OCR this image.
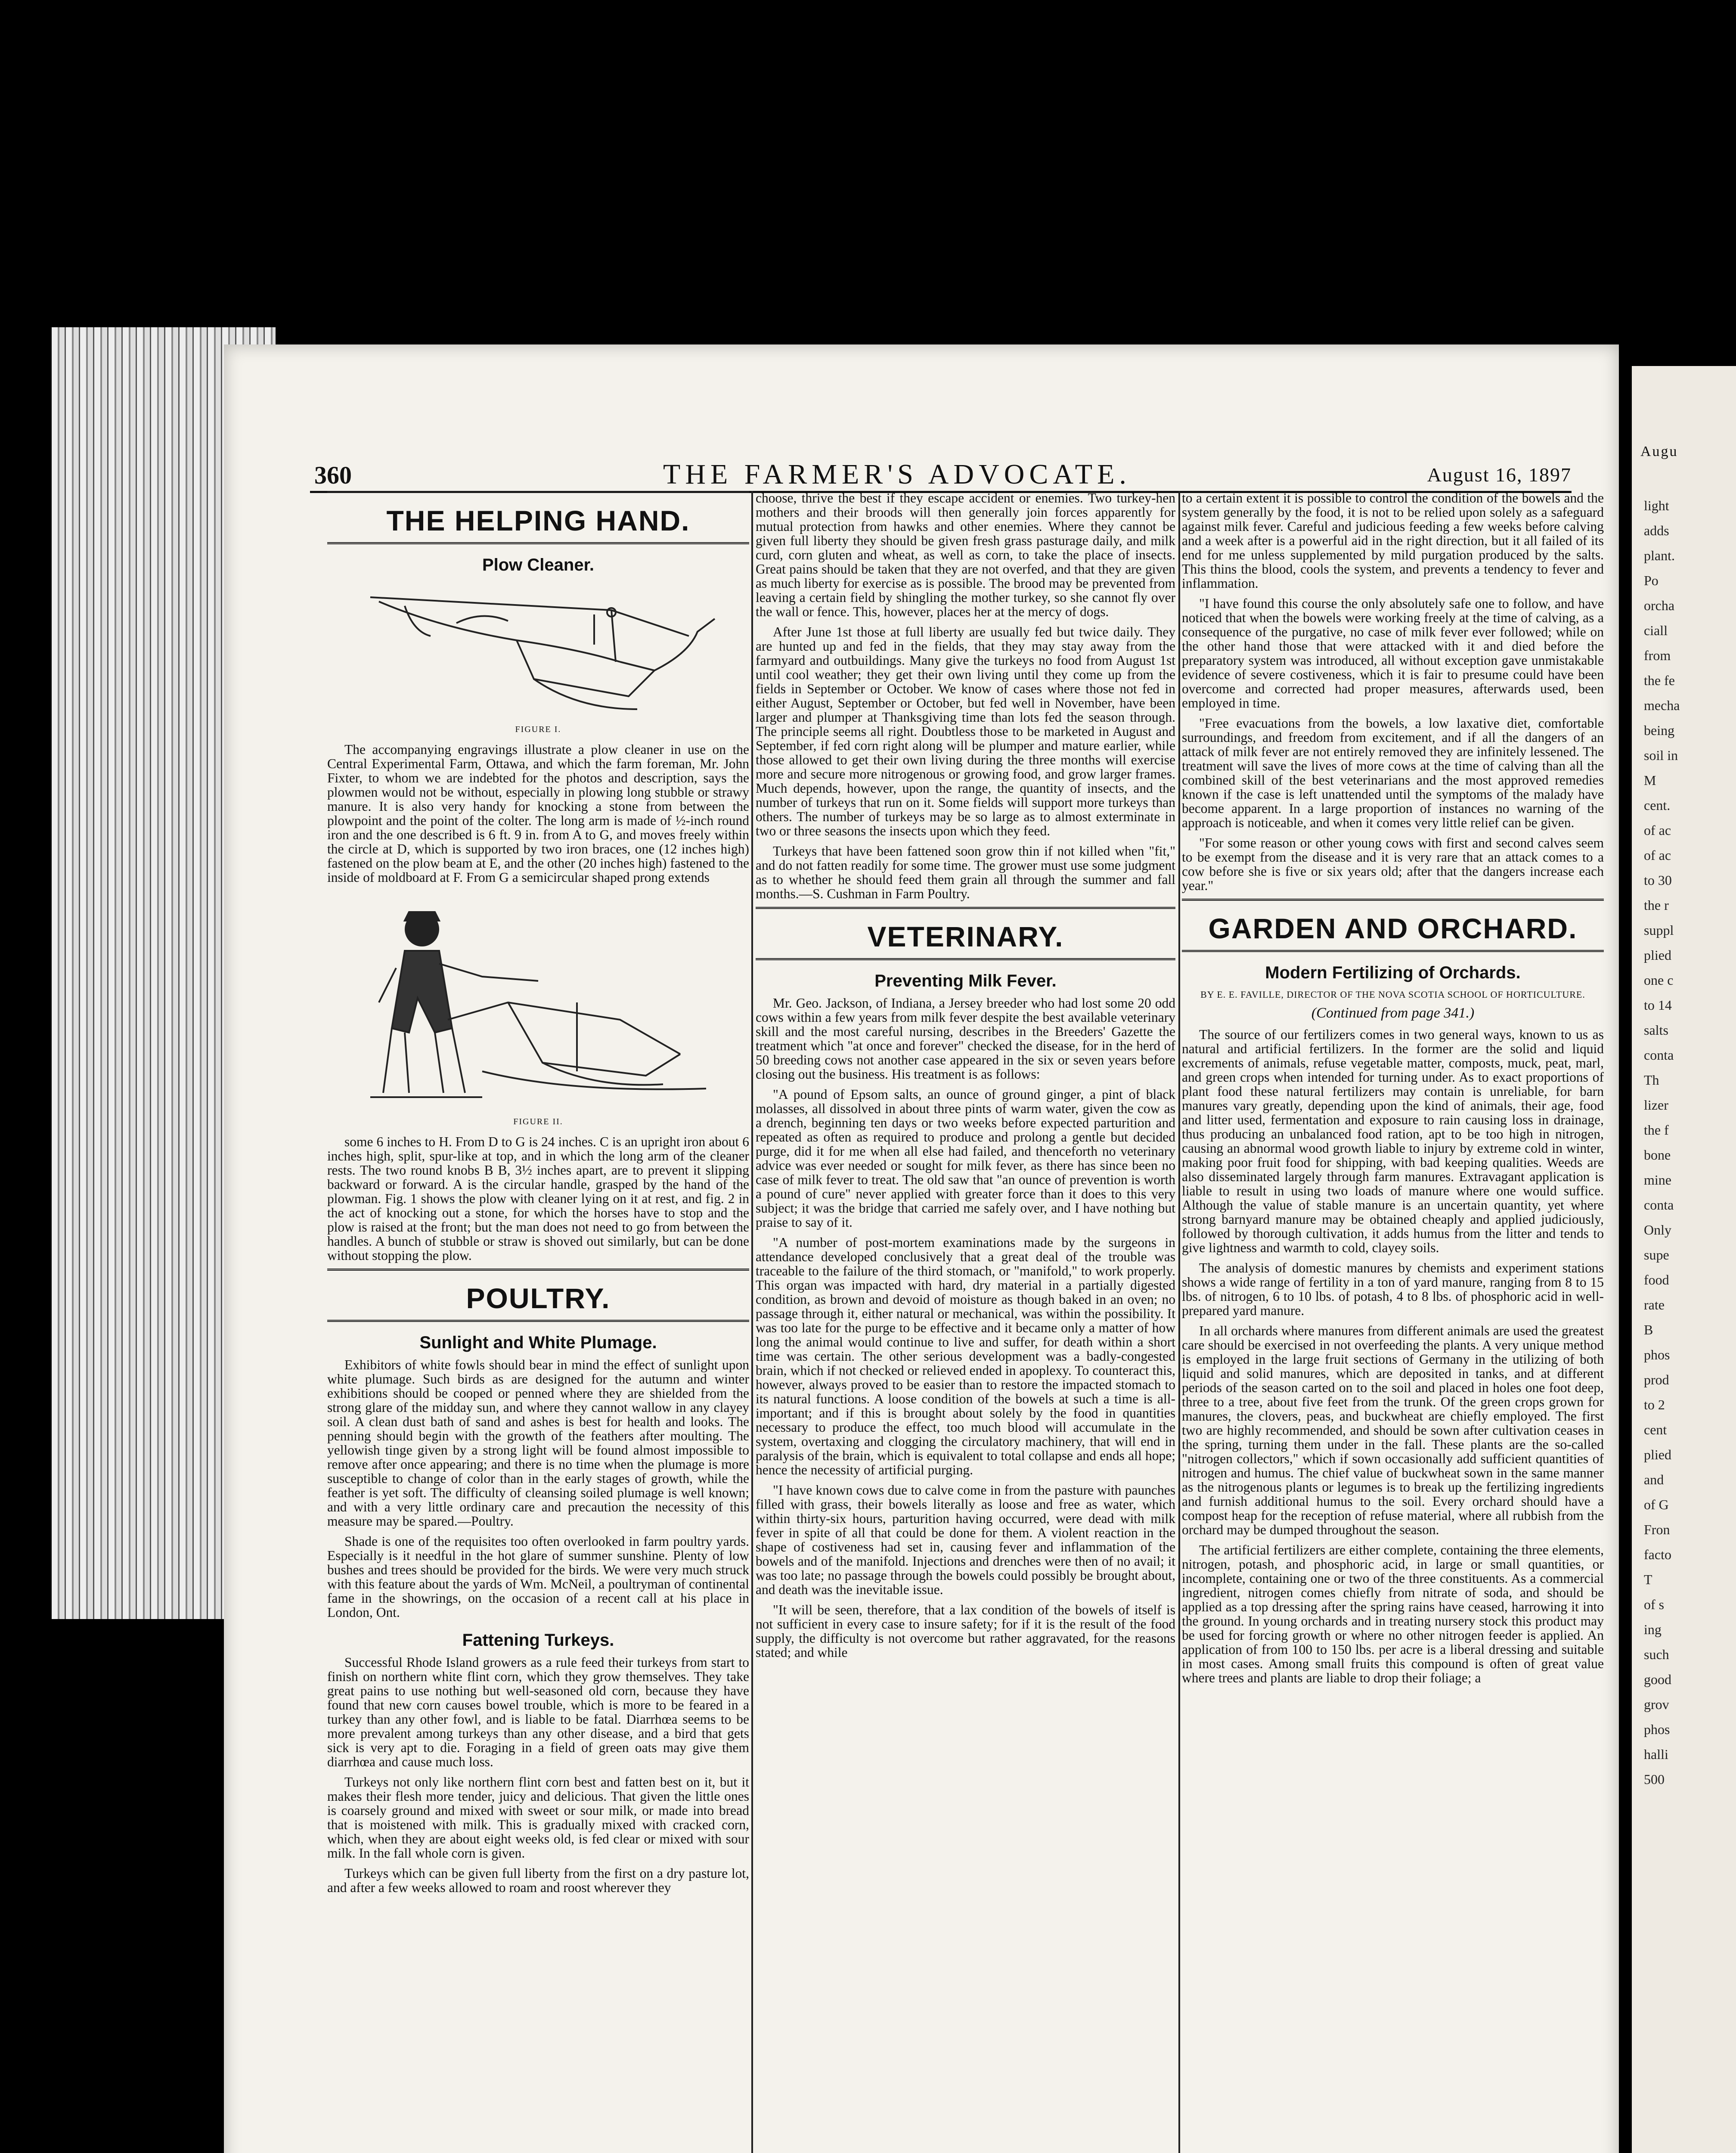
Augu
light
adds
plant.
Po
orcha
ciall
from
the fe
mecha
being
soil in
M
cent.
of ac
of ac
to 30
the r
suppl
plied
one c
to 14
salts
conta
Th
lizer
the f
bone
mine
conta
Only
supe
food
rate
B
phos
prod
to 2
cent
plied
and
of G
Fron
facto
T
of s
ing
such
good
grov
phos
halli
500
360	THE FARMER'S ADVOCATE.	August 16, 1897
THE HELPING HAND.
Plow Cleaner.
FIGURE I.

The accompanying engravings illustrate a plow cleaner in use on the Central Experimental Farm, Ottawa, and which the farm foreman, Mr. John Fixter, to whom we are indebted for the photos and description, says the plowmen would not be without, especially in plowing long stubble or strawy manure. It is also very handy for knocking a stone from between the plowpoint and the point of the colter. The long arm is made of ½-inch round iron and the one described is 6 ft. 9 in. from A to G, and moves freely within the circle at D, which is supported by two iron braces, one (12 inches high) fastened on the plow beam at E, and the other (20 inches high) fastened to the inside of moldboard at F. From G a semicircular shaped prong extends

FIGURE II.

some 6 inches to H. From D to G is 24 inches. C is an upright iron about 6 inches high, split, spur-like at top, and in which the long arm of the cleaner rests. The two round knobs B B, 3½ inches apart, are to prevent it slipping backward or forward. A is the circular handle, grasped by the hand of the plowman. Fig. 1 shows the plow with cleaner lying on it at rest, and fig. 2 in the act of knocking out a stone, for which the horses have to stop and the plow is raised at the front; but the man does not need to go from between the handles. A bunch of stubble or straw is shoved out similarly, but can be done without stopping the plow.

POULTRY.
Sunlight and White Plumage.

Exhibitors of white fowls should bear in mind the effect of sunlight upon white plumage. Such birds as are designed for the autumn and winter exhibitions should be cooped or penned where they are shielded from the strong glare of the midday sun, and where they cannot wallow in any clayey soil. A clean dust bath of sand and ashes is best for health and looks. The penning should begin with the growth of the feathers after moulting. The yellowish tinge given by a strong light will be found almost impossible to remove after once appearing; and there is no time when the plumage is more susceptible to change of color than in the early stages of growth, while the feather is yet soft. The difficulty of cleansing soiled plumage is well known; and with a very little ordinary care and precaution the necessity of this measure may be spared.—Poultry.

Shade is one of the requisites too often overlooked in farm poultry yards. Especially is it needful in the hot glare of summer sunshine. Plenty of low bushes and trees should be provided for the birds. We were very much struck with this feature about the yards of Wm. McNeil, a poultryman of continental fame in the showrings, on the occasion of a recent call at his place in London, Ont.

Fattening Turkeys.

Successful Rhode Island growers as a rule feed their turkeys from start to finish on northern white flint corn, which they grow themselves. They take great pains to use nothing but well-seasoned old corn, because they have found that new corn causes bowel trouble, which is more to be feared in a turkey than any other fowl, and is liable to be fatal. Diarrhœa seems to be more prevalent among turkeys than any other disease, and a bird that gets sick is very apt to die. Foraging in a field of green oats may give them diarrhœa and cause much loss.

Turkeys not only like northern flint corn best and fatten best on it, but it makes their flesh more tender, juicy and delicious. That given the little ones is coarsely ground and mixed with sweet or sour milk, or made into bread that is moistened with milk. This is gradually mixed with cracked corn, which, when they are about eight weeks old, is fed clear or mixed with sour milk. In the fall whole corn is given.

Turkeys which can be given full liberty from the first on a dry pasture lot, and after a few weeks allowed to roam and roost wherever they

choose, thrive the best if they escape accident or enemies. Two turkey-hen mothers and their broods will then generally join forces apparently for mutual protection from hawks and other enemies. Where they cannot be given full liberty they should be given fresh grass pasturage daily, and milk curd, corn gluten and wheat, as well as corn, to take the place of insects. Great pains should be taken that they are not overfed, and that they are given as much liberty for exercise as is possible. The brood may be prevented from leaving a certain field by shingling the mother turkey, so she cannot fly over the wall or fence. This, however, places her at the mercy of dogs.

After June 1st those at full liberty are usually fed but twice daily. They are hunted up and fed in the fields, that they may stay away from the farmyard and outbuildings. Many give the turkeys no food from August 1st until cool weather; they get their own living until they come up from the fields in September or October. We know of cases where those not fed in either August, September or October, but fed well in November, have been larger and plumper at Thanksgiving time than lots fed the season through. The principle seems all right. Doubtless those to be marketed in August and September, if fed corn right along will be plumper and mature earlier, while those allowed to get their own living during the three months will exercise more and secure more nitrogenous or growing food, and grow larger frames. Much depends, however, upon the range, the quantity of insects, and the number of turkeys that run on it. Some fields will support more turkeys than others. The number of turkeys may be so large as to almost exterminate in two or three seasons the insects upon which they feed.

Turkeys that have been fattened soon grow thin if not killed when "fit," and do not fatten readily for some time. The grower must use some judgment as to whether he should feed them grain all through the summer and fall months.—S. Cushman in Farm Poultry.

VETERINARY.
Preventing Milk Fever.

Mr. Geo. Jackson, of Indiana, a Jersey breeder who had lost some 20 odd cows within a few years from milk fever despite the best available veterinary skill and the most careful nursing, describes in the Breeders' Gazette the treatment which "at once and forever" checked the disease, for in the herd of 50 breeding cows not another case appeared in the six or seven years before closing out the business. His treatment is as follows:

"A pound of Epsom salts, an ounce of ground ginger, a pint of black molasses, all dissolved in about three pints of warm water, given the cow as a drench, beginning ten days or two weeks before expected parturition and repeated as often as required to produce and prolong a gentle but decided purge, did it for me when all else had failed, and thenceforth no veterinary advice was ever needed or sought for milk fever, as there has since been no case of milk fever to treat. The old saw that "an ounce of prevention is worth a pound of cure" never applied with greater force than it does to this very subject; it was the bridge that carried me safely over, and I have nothing but praise to say of it.

"A number of post-mortem examinations made by the surgeons in attendance developed conclusively that a great deal of the trouble was traceable to the failure of the third stomach, or "manifold," to work properly. This organ was impacted with hard, dry material in a partially digested condition, as brown and devoid of moisture as though baked in an oven; no passage through it, either natural or mechanical, was within the possibility. It was too late for the purge to be effective and it became only a matter of how long the animal would continue to live and suffer, for death within a short time was certain. The other serious development was a badly-congested brain, which if not checked or relieved ended in apoplexy. To counteract this, however, always proved to be easier than to restore the impacted stomach to its natural functions. A loose condition of the bowels at such a time is all-important; and if this is brought about solely by the food in quantities necessary to produce the effect, too much blood will accumulate in the system, overtaxing and clogging the circulatory machinery, that will end in paralysis of the brain, which is equivalent to total collapse and ends all hope; hence the necessity of artificial purging.

"I have known cows due to calve come in from the pasture with paunches filled with grass, their bowels literally as loose and free as water, which within thirty-six hours, parturition having occurred, were dead with milk fever in spite of all that could be done for them. A violent reaction in the shape of costiveness had set in, causing fever and inflammation of the bowels and of the manifold. Injections and drenches were then of no avail; it was too late; no passage through the bowels could possibly be brought about, and death was the inevitable issue.

"It will be seen, therefore, that a lax condition of the bowels of itself is not sufficient in every case to insure safety; for if it is the result of the food supply, the difficulty is not overcome but rather aggravated, for the reasons stated; and while

to a certain extent it is possible to control the condition of the bowels and the system generally by the food, it is not to be relied upon solely as a safeguard against milk fever. Careful and judicious feeding a few weeks before calving and a week after is a powerful aid in the right direction, but it all failed of its end for me unless supplemented by mild purgation produced by the salts. This thins the blood, cools the system, and prevents a tendency to fever and inflammation.

"I have found this course the only absolutely safe one to follow, and have noticed that when the bowels were working freely at the time of calving, as a consequence of the purgative, no case of milk fever ever followed; while on the other hand those that were attacked with it and died before the preparatory system was introduced, all without exception gave unmistakable evidence of severe costiveness, which it is fair to presume could have been overcome and corrected had proper measures, afterwards used, been employed in time.

"Free evacuations from the bowels, a low laxative diet, comfortable surroundings, and freedom from excitement, and if all the dangers of an attack of milk fever are not entirely removed they are infinitely lessened. The treatment will save the lives of more cows at the time of calving than all the combined skill of the best veterinarians and the most approved remedies known if the case is left unattended until the symptoms of the malady have become apparent. In a large proportion of instances no warning of the approach is noticeable, and when it comes very little relief can be given.

"For some reason or other young cows with first and second calves seem to be exempt from the disease and it is very rare that an attack comes to a cow before she is five or six years old; after that the dangers increase each year."

GARDEN AND ORCHARD.
Modern Fertilizing of Orchards.
BY E. E. FAVILLE, DIRECTOR OF THE NOVA SCOTIA SCHOOL OF HORTICULTURE.
(Continued from page 341.)

The source of our fertilizers comes in two general ways, known to us as natural and artificial fertilizers. In the former are the solid and liquid excrements of animals, refuse vegetable matter, composts, muck, peat, marl, and green crops when intended for turning under. As to exact proportions of plant food these natural fertilizers may contain is unreliable, for barn manures vary greatly, depending upon the kind of animals, their age, food and litter used, fermentation and exposure to rain causing loss in drainage, thus producing an unbalanced food ration, apt to be too high in nitrogen, causing an abnormal wood growth liable to injury by extreme cold in winter, making poor fruit food for shipping, with bad keeping qualities. Weeds are also disseminated largely through farm manures. Extravagant application is liable to result in using two loads of manure where one would suffice. Although the value of stable manure is an uncertain quantity, yet where strong barnyard manure may be obtained cheaply and applied judiciously, followed by thorough cultivation, it adds humus from the litter and tends to give lightness and warmth to cold, clayey soils.

The analysis of domestic manures by chemists and experiment stations shows a wide range of fertility in a ton of yard manure, ranging from 8 to 15 lbs. of nitrogen, 6 to 10 lbs. of potash, 4 to 8 lbs. of phosphoric acid in well-prepared yard manure.

In all orchards where manures from different animals are used the greatest care should be exercised in not overfeeding the plants. A very unique method is employed in the large fruit sections of Germany in the utilizing of both liquid and solid manures, which are deposited in tanks, and at different periods of the season carted on to the soil and placed in holes one foot deep, three to a tree, about five feet from the trunk. Of the green crops grown for manures, the clovers, peas, and buckwheat are chiefly employed. The first two are highly recommended, and should be sown after cultivation ceases in the spring, turning them under in the fall. These plants are the so-called "nitrogen collectors," which if sown occasionally add sufficient quantities of nitrogen and humus. The chief value of buckwheat sown in the same manner as the nitrogenous plants or legumes is to break up the fertilizing ingredients and furnish additional humus to the soil. Every orchard should have a compost heap for the reception of refuse material, where all rubbish from the orchard may be dumped throughout the season.

The artificial fertilizers are either complete, containing the three elements, nitrogen, potash, and phosphoric acid, in large or small quantities, or incomplete, containing one or two of the three constituents. As a commercial ingredient, nitrogen comes chiefly from nitrate of soda, and should be applied as a top dressing after the spring rains have ceased, harrowing it into the ground. In young orchards and in treating nursery stock this product may be used for forcing growth or where no other nitrogen feeder is applied. An application of from 100 to 150 lbs. per acre is a liberal dressing and suitable in most cases. Among small fruits this compound is often of great value where trees and plants are liable to drop their foliage; a
